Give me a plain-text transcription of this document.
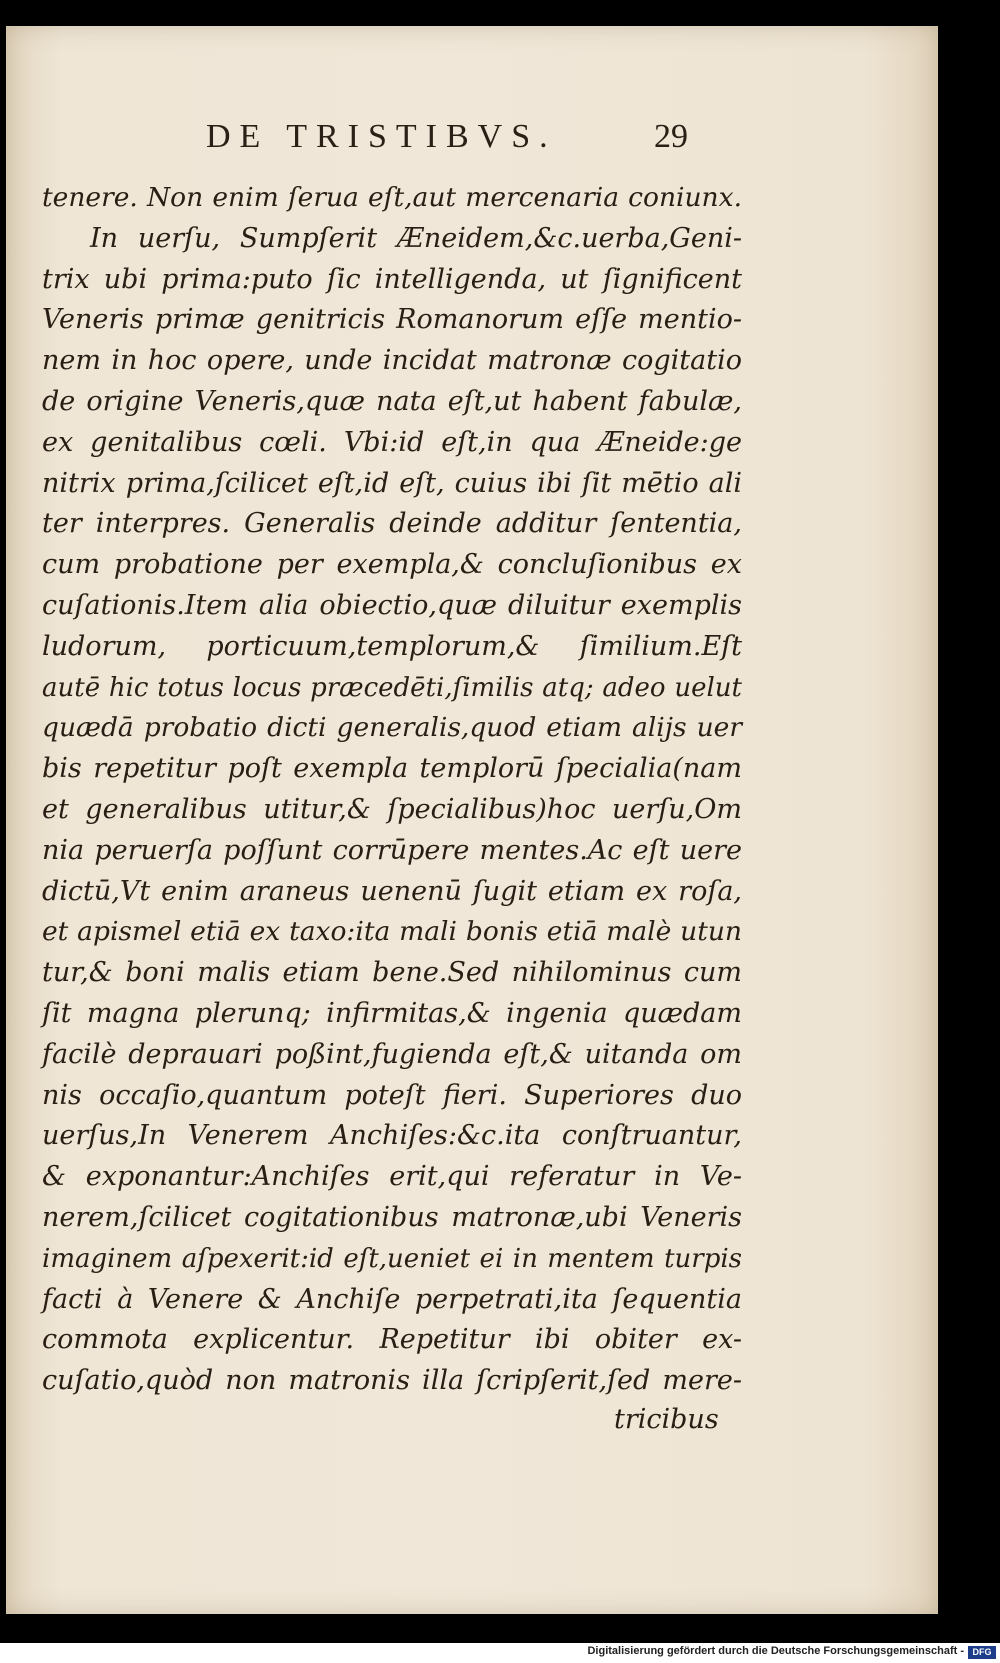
DE TRISTIBVS.	29
tenere. Non enim ſerua eſt,aut mercenaria coniunx.
In uerſu, Sumpſerit Æneidem,&c.uerba,Geni-
trix ubi prima:puto ſic intelligenda, ut ſignificent
Veneris primæ genitricis Romanorum eſſe mentio-
nem in hoc opere, unde incidat matronæ cogitatio
de origine Veneris,quæ nata eſt,ut habent fabulæ,
ex genitalibus cœli. Vbi:id eſt,in qua Æneide:ge
nitrix prima,ſcilicet eſt,id eſt, cuius ibi ſit mētio ali
ter interpres. Generalis deinde additur ſententia,
cum probatione per exempla,& concluſionibus ex
cuſationis.Item alia obiectio,quæ diluitur exemplis
ludorum, porticuum,templorum,& ſimilium.Eſt
autē hic totus locus præcedēti,ſimilis atq; adeo uelut
quædā probatio dicti generalis,quod etiam alijs uer
bis repetitur poſt exempla templorū ſpecialia(nam
et generalibus utitur,& ſpecialibus)hoc uerſu,Om
nia peruerſa poſſunt corrūpere mentes.Ac eſt uere
dictū,Vt enim araneus uenenū ſugit etiam ex roſa,
et apismel etiā ex taxo:ita mali bonis etiā malè utun
tur,& boni malis etiam bene.Sed nihilominus cum
ſit magna plerunq; infirmitas,& ingenia quædam
facilè deprauari poßint,fugienda eſt,& uitanda om
nis occaſio,quantum poteſt fieri. Superiores duo
uerſus,In Venerem Anchiſes:&c.ita conſtruantur,
& exponantur:Anchiſes erit,qui referatur in Ve-
nerem,ſcilicet cogitationibus matronæ,ubi Veneris
imaginem aſpexerit:id eſt,ueniet ei in mentem turpis
facti à Venere & Anchiſe perpetrati,ita ſequentia
commota explicentur. Repetitur ibi obiter ex-
cuſatio,quòd non matronis illa ſcripſerit,ſed mere-
tricibus
Digitalisierung gefördert durch die Deutsche Forschungsgemeinschaft - DFG
